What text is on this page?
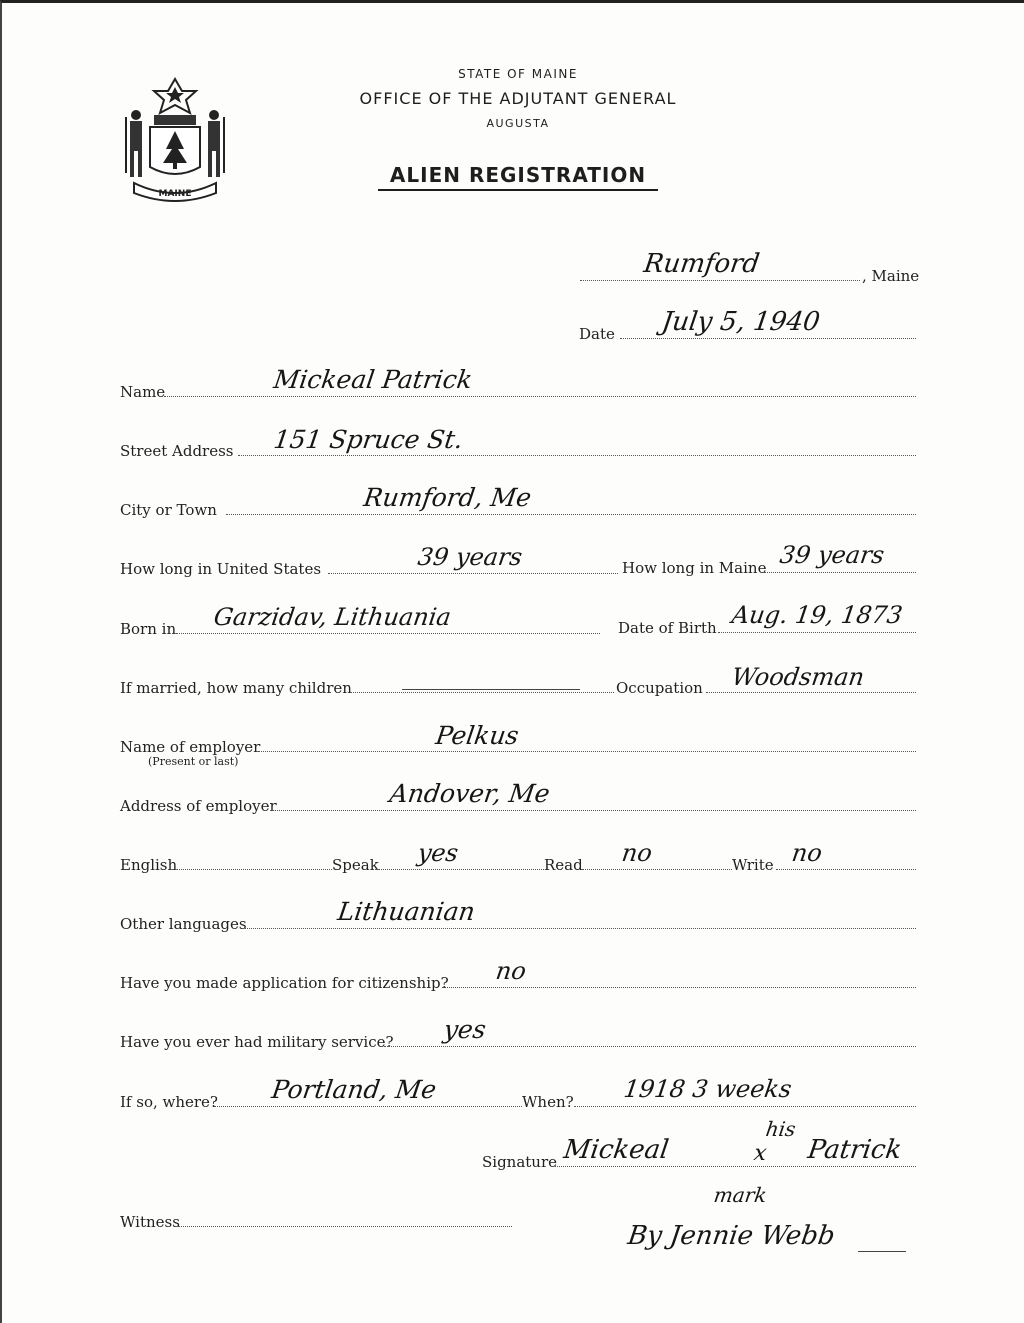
MAINE
STATE OF MAINE
OFFICE OF THE ADJUTANT GENERAL
AUGUSTA
ALIEN REGISTRATION
Rumford	, Maine
Date July 5, 1940
Name	Mickeal Patrick
Street Address 151 Spruce St.
City or Town	Rumford, Me
How long in United States	39 years	How long in Maine 39 years
Born in Garzidav, Lithuania	Date of Birth Aug. 19, 1873
If married, how many children	Occupation Woodsman
Name of employer
(Present or last)
Pelkus
Address of employer	Andover, Me
English	Speak yes	Read no	Write no
Other languages	Lithuanian
Have you made application for citizenship? no
Have you ever had military service? yes
If so, where? Portland, Me	When? 1918 3 weeks
Signature Mickeal
his
x Patrick
mark
Witness	By Jennie Webb
